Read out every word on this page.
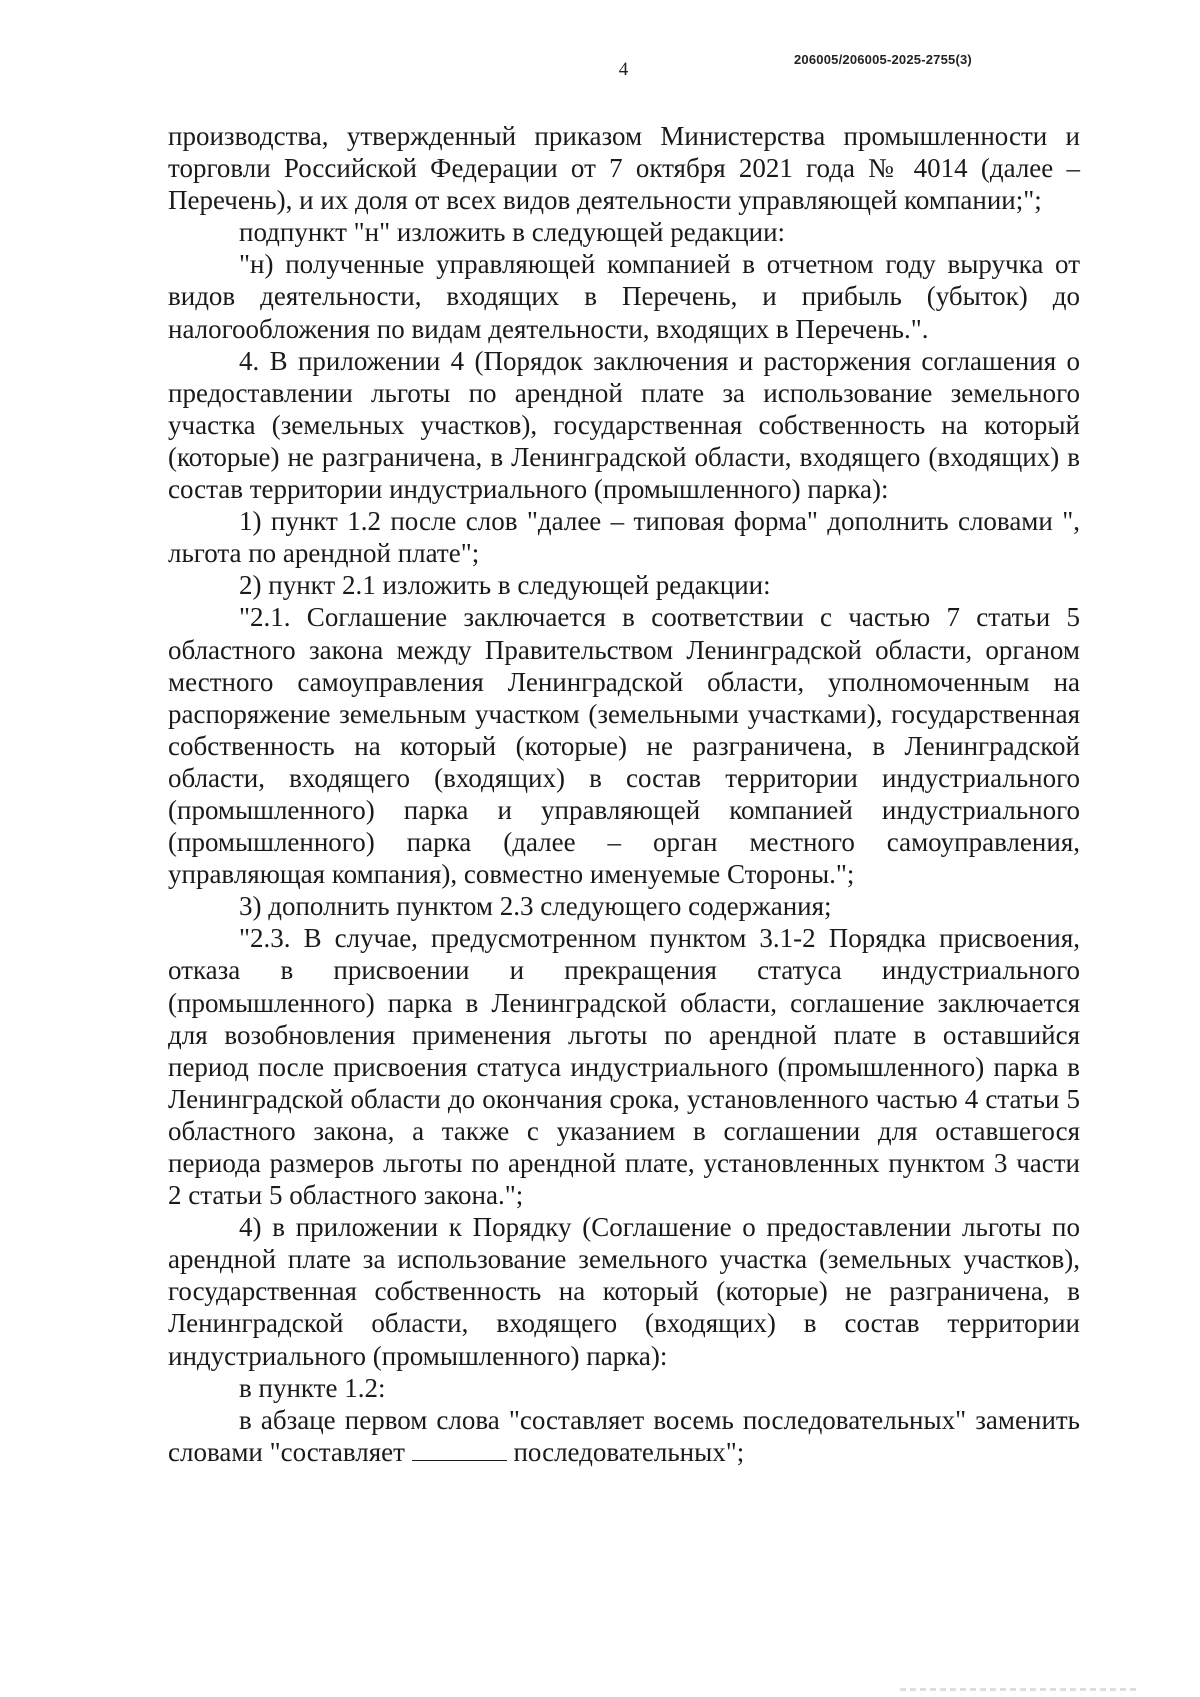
206005/206005-2025-2755(3)
4

производства, утвержденный приказом Министерства промышленности и торговли Российской Федерации от 7 октября 2021 года № 4014 (далее – Перечень), и их доля от всех видов деятельности управляющей компании;";

подпункт "н" изложить в следующей редакции:

"н) полученные управляющей компанией в отчетном году выручка от видов деятельности, входящих в Перечень, и прибыль (убыток) до налогообложения по видам деятельности, входящих в Перечень.".

4. В приложении 4 (Порядок заключения и расторжения соглашения о предоставлении льготы по арендной плате за использование земельного участка (земельных участков), государственная собственность на который (которые) не разграничена, в Ленинградской области, входящего (входящих) в состав территории индустриального (промышленного) парка):

1) пункт 1.2 после слов "далее – типовая форма" дополнить словами ", льгота по арендной плате";

2) пункт 2.1 изложить в следующей редакции:

"2.1. Соглашение заключается в соответствии с частью 7 статьи 5 областного закона между Правительством Ленинградской области, органом местного самоуправления Ленинградской области, уполномоченным на распоряжение земельным участком (земельными участками), государственная собственность на который (которые) не разграничена, в Ленинградской области, входящего (входящих) в состав территории индустриального (промышленного) парка и управляющей компанией индустриального (промышленного) парка (далее – орган местного самоуправления, управляющая компания), совместно именуемые Стороны.";

3) дополнить пунктом 2.3 следующего содержания;

"2.3. В случае, предусмотренном пунктом 3.1-2 Порядка присвоения, отказа в присвоении и прекращения статуса индустриального (промышленного) парка в Ленинградской области, соглашение заключается для возобновления применения льготы по арендной плате в оставшийся период после присвоения статуса индустриального (промышленного) парка в Ленинградской области до окончания срока, установленного частью 4 статьи 5 областного закона, а также с указанием в соглашении для оставшегося периода размеров льготы по арендной плате, установленных пунктом 3 части 2 статьи 5 областного закона.";

4) в приложении к Порядку (Соглашение о предоставлении льготы по арендной плате за использование земельного участка (земельных участков), государственная собственность на который (которые) не разграничена, в Ленинградской области, входящего (входящих) в состав территории индустриального (промышленного) парка):

в пункте 1.2:

в абзаце первом слова "составляет восемь последовательных" заменить словами "составляет	последовательных";
